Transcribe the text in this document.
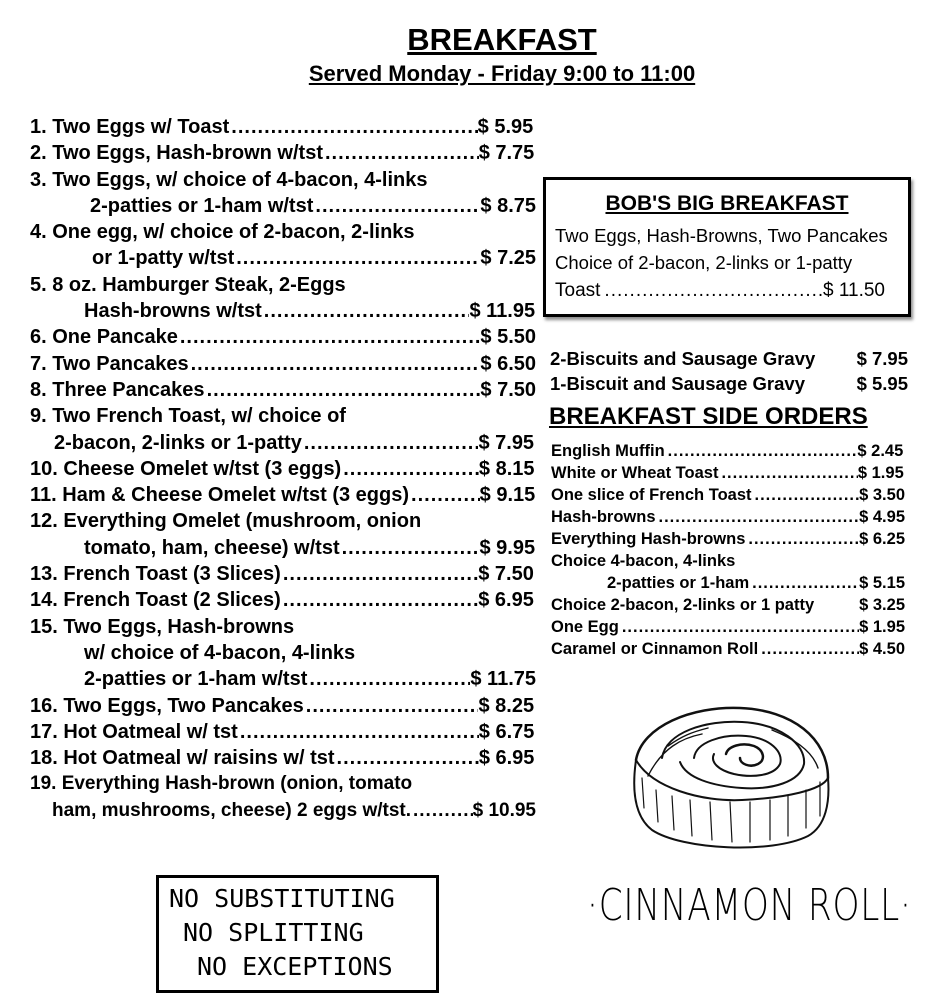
BREAKFAST
Served Monday - Friday 9:00 to 11:00
1. Two Eggs w/ Toast .....	$ 5.95
2. Two Eggs, Hash-brown w/tst .....	$ 7.75
3. Two Eggs, w/ choice of 4-bacon, 4-links
2-patties or 1-ham w/tst .....	$ 8.75
4. One egg, w/ choice of 2-bacon, 2-links
or 1-patty w/tst .....	$ 7.25
5. 8 oz. Hamburger Steak, 2-Eggs
Hash-browns w/tst .....	$ 11.95
6. One Pancake .....	$ 5.50
7. Two Pancakes .....	$ 6.50
8. Three Pancakes .....	$ 7.50
9. Two French Toast, w/ choice of
2-bacon, 2-links or 1-patty .....	$ 7.95
10. Cheese Omelet w/tst (3 eggs) .....	$ 8.15
11. Ham & Cheese Omelet w/tst (3 eggs) .....	$ 9.15
12. Everything Omelet (mushroom, onion
tomato, ham, cheese) w/tst .....	$ 9.95
13. French Toast (3 Slices) .....	$ 7.50
14. French Toast (2 Slices) .....	$ 6.95
15. Two Eggs, Hash-browns
w/ choice of 4-bacon, 4-links
2-patties or 1-ham w/tst .....	$ 11.75
16. Two Eggs, Two Pancakes .....	$ 8.25
17. Hot Oatmeal w/ tst .....	$ 6.75
18. Hot Oatmeal w/ raisins w/ tst .....	$ 6.95
19. Everything Hash-brown (onion, tomato
ham, mushrooms, cheese) 2 eggs w/tst. .....	$ 10.95
BOB'S BIG BREAKFAST
Two Eggs, Hash-Browns, Two Pancakes
Choice of 2-bacon, 2-links or 1-patty
Toast .....	$ 11.50
2-Biscuits and Sausage Gravy $ 7.95
1-Biscuit and Sausage Gravy	$ 5.95
BREAKFAST SIDE ORDERS
English Muffin .....	$ 2.45
White or Wheat Toast .....	$ 1.95
One slice of French Toast .....	$ 3.50
Hash-browns .....	$ 4.95
Everything Hash-browns .....	$ 6.25
Choice 4-bacon, 4-links
2-patties or 1-ham .....	$ 5.15
Choice 2-bacon, 2-links or 1 patty	$ 3.25
One Egg .....	$ 1.95
Caramel or Cinnamon Roll .....	$ 4.50
NO SUBSTITUTING
NO SPLITTING
NO EXCEPTIONS
·CINNAMON ROLL·
